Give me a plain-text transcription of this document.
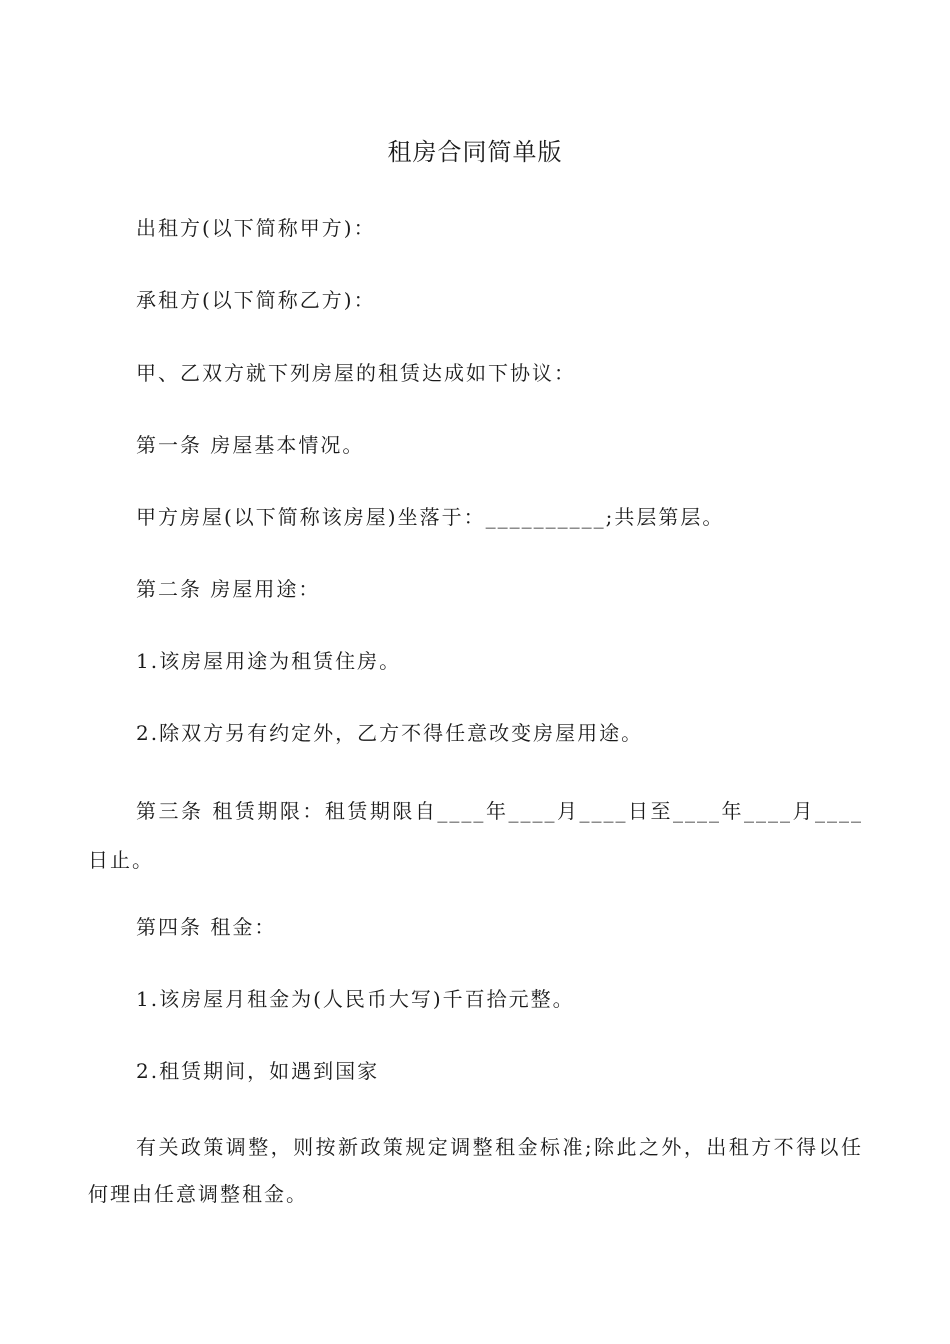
租房合同简单版
出租方(以下简称甲方)：
承租方(以下简称乙方)：
甲、乙双方就下列房屋的租赁达成如下协议：
第一条 房屋基本情况。
甲方房屋(以下简称该房屋)坐落于：__________;共层第层。
第二条 房屋用途：
1.该房屋用途为租赁住房。
2.除双方另有约定外，乙方不得任意改变房屋用途。
第三条 租赁期限：租赁期限自____年____月____日至____年____月____日止。
第四条 租金：
1.该房屋月租金为(人民币大写)千百拾元整。
2.租赁期间，如遇到国家
有关政策调整，则按新政策规定调整租金标准;除此之外，出租方不得以任何理由任意调整租金。
